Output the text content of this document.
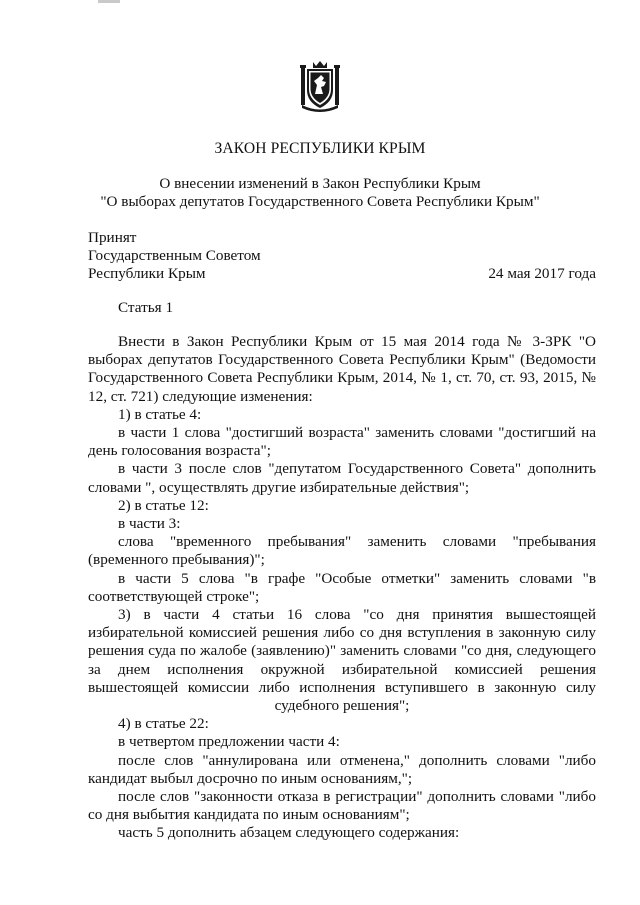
ЗАКОН РЕСПУБЛИКИ КРЫМ
О внесении изменений в Закон Республики Крым
"О выборах депутатов Государственного Совета Республики Крым"
Принят
Государственным Советом
Республики Крым	24 мая 2017 года
Статья 1

Внести в Закон Республики Крым от 15 мая 2014 года № 3-ЗРК "О выборах депутатов Государственного Совета Республики Крым" (Ведомости Государственного Совета Республики Крым, 2014, № 1, ст. 70, ст. 93, 2015, № 12, ст. 721) следующие изменения:

1) в статье 4:

в части 1 слова "достигший возраста" заменить словами "достигший на день голосования возраста";

в части 3 после слов "депутатом Государственного Совета" дополнить словами ", осуществлять другие избирательные действия";

2) в статье 12:

в части 3:

слова "временного пребывания" заменить словами "пребывания (временного пребывания)";

в части 5 слова "в графе "Особые отметки" заменить словами "в соответствующей строке";

3) в части 4 статьи 16 слова "со дня принятия вышестоящей избирательной комиссией решения либо со дня вступления в законную силу решения суда по жалобе (заявлению)" заменить словами "со дня, следующего за днем исполнения окружной избирательной комиссией решения вышестоящей комиссии либо исполнения вступившего в законную силу судебного решения";

4) в статье 22:

в четвертом предложении части 4:

после слов "аннулирована или отменена," дополнить словами "либо кандидат выбыл досрочно по иным основаниям,";

после слов "законности отказа в регистрации" дополнить словами "либо со дня выбытия кандидата по иным основаниям";

часть 5 дополнить абзацем следующего содержания:
